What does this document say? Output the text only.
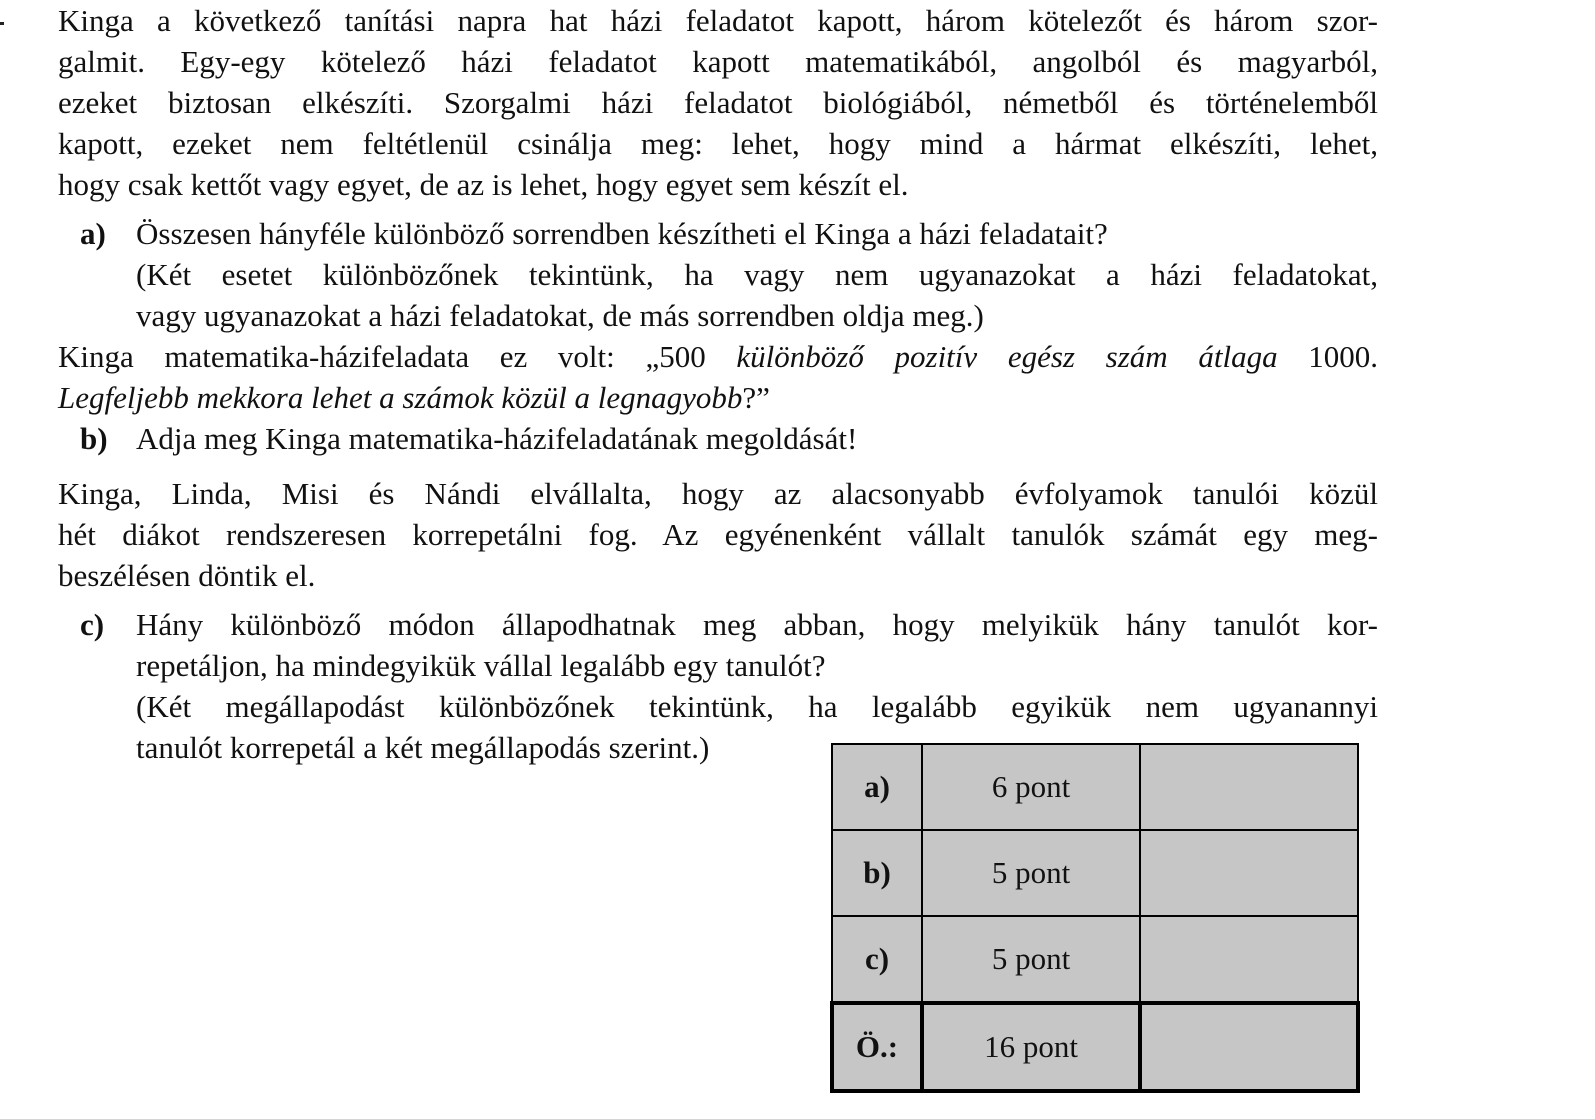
Kinga a következő tanítási napra hat házi feladatot kapott, három kötelezőt és három szor-
galmit. Egy-egy kötelező házi feladatot kapott matematikából, angolból és magyarból,
ezeket biztosan elkészíti. Szorgalmi házi feladatot biológiából, németből és történelemből
kapott, ezeket nem feltétlenül csinálja meg: lehet, hogy mind a hármat elkészíti, lehet,
hogy csak kettőt vagy egyet, de az is lehet, hogy egyet sem készít el.

a) Összesen hányféle különböző sorrendben készítheti el Kinga a házi feladatait?
(Két esetet különbözőnek tekintünk, ha vagy nem ugyanazokat a házi feladatokat,
vagy ugyanazokat a házi feladatokat, de más sorrendben oldja meg.)

Kinga matematika-házifeladata ez volt: „500 különböző pozitív egész szám átlaga 1000.
Legfeljebb mekkora lehet a számok közül a legnagyobb?”

b) Adja meg Kinga matematika-házifeladatának megoldását!

Kinga, Linda, Misi és Nándi elvállalta, hogy az alacsonyabb évfolyamok tanulói közül
hét diákot rendszeresen korrepetálni fog. Az egyénenként vállalt tanulók számát egy meg-
beszélésen döntik el.

c) Hány különböző módon állapodhatnak meg abban, hogy melyikük hány tanulót kor-
repetáljon, ha mindegyikük vállal legalább egy tanulót?
(Két megállapodást különbözőnek tekintünk, ha legalább egyikük nem ugyanannyi
tanulót korrepetál a két megállapodás szerint.)
a)	6 pont	
b)	5 pont	
c)	5 pont	
Ö.:	16 pont	
